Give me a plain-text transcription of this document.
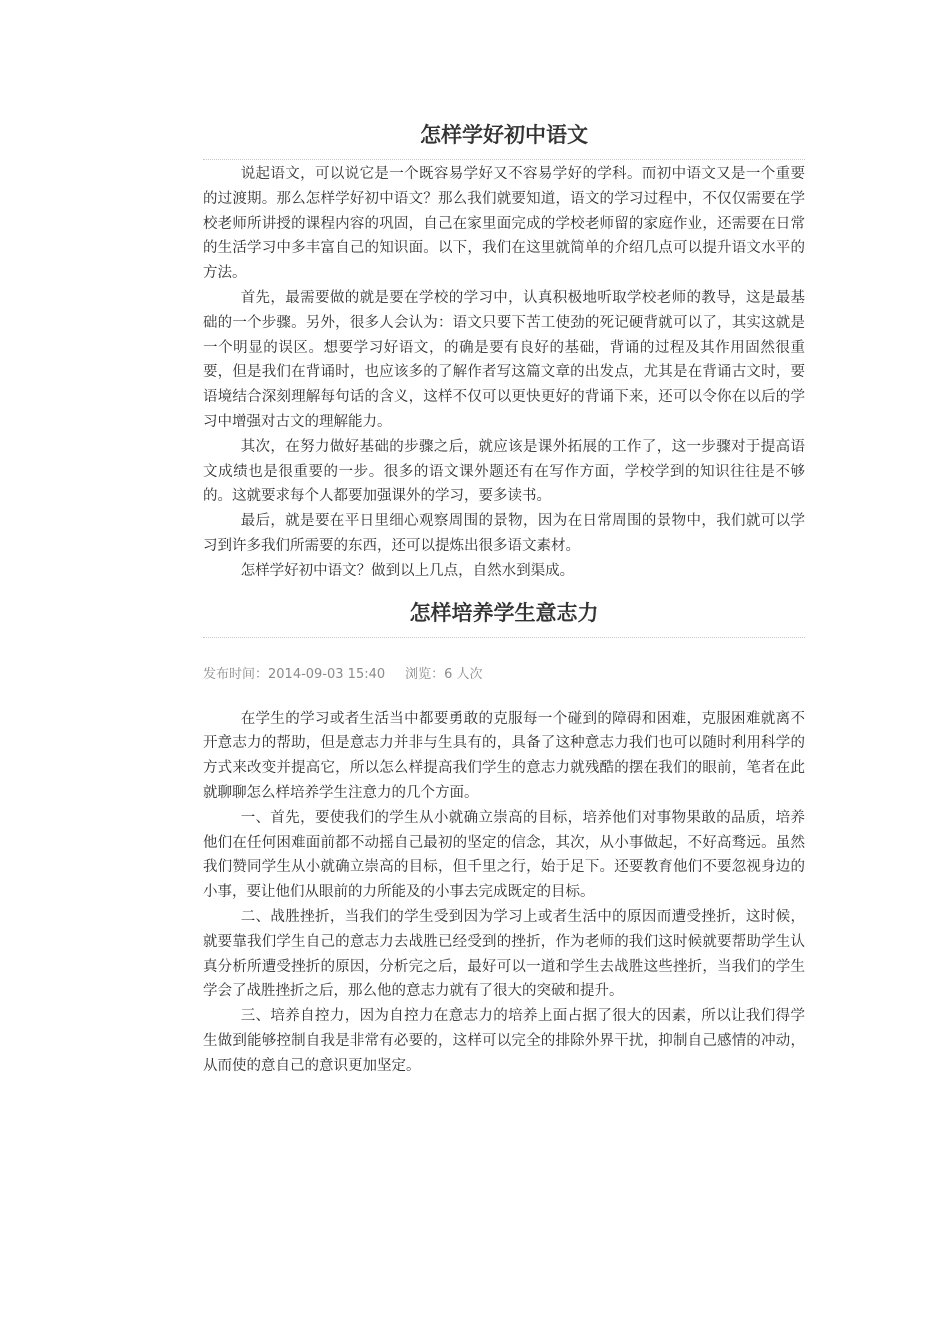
怎样学好初中语文

说起语文，可以说它是一个既容易学好又不容易学好的学科。而初中语文又是一个重要的过渡期。那么怎样学好初中语文？那么我们就要知道，语文的学习过程中，不仅仅需要在学校老师所讲授的课程内容的巩固，自己在家里面完成的学校老师留的家庭作业，还需要在日常的生活学习中多丰富自己的知识面。以下，我们在这里就简单的介绍几点可以提升语文水平的方法。

首先，最需要做的就是要在学校的学习中，认真积极地听取学校老师的教导，这是最基础的一个步骤。另外，很多人会认为：语文只要下苦工使劲的死记硬背就可以了，其实这就是一个明显的误区。想要学习好语文，的确是要有良好的基础，背诵的过程及其作用固然很重要，但是我们在背诵时，也应该多的了解作者写这篇文章的出发点，尤其是在背诵古文时，要语境结合深刻理解每句话的含义，这样不仅可以更快更好的背诵下来，还可以令你在以后的学习中增强对古文的理解能力。

其次，在努力做好基础的步骤之后，就应该是课外拓展的工作了，这一步骤对于提高语文成绩也是很重要的一步。很多的语文课外题还有在写作方面，学校学到的知识往往是不够的。这就要求每个人都要加强课外的学习，要多读书。

最后，就是要在平日里细心观察周围的景物，因为在日常周围的景物中，我们就可以学习到许多我们所需要的东西，还可以提炼出很多语文素材。

怎样学好初中语文？做到以上几点，自然水到渠成。

怎样培养学生意志力
发布时间：2014-09-03 15:40 浏览：6 人次

在学生的学习或者生活当中都要勇敢的克服每一个碰到的障碍和困难，克服困难就离不开意志力的帮助，但是意志力并非与生具有的，具备了这种意志力我们也可以随时利用科学的方式来改变并提高它，所以怎么样提高我们学生的意志力就残酷的摆在我们的眼前，笔者在此就聊聊怎么样培养学生注意力的几个方面。

一、首先，要使我们的学生从小就确立崇高的目标，培养他们对事物果敢的品质，培养他们在任何困难面前都不动摇自己最初的坚定的信念，其次，从小事做起，不好高骛远。虽然我们赞同学生从小就确立崇高的目标，但千里之行，始于足下。还要教育他们不要忽视身边的小事，要让他们从眼前的力所能及的小事去完成既定的目标。

二、战胜挫折，当我们的学生受到因为学习上或者生活中的原因而遭受挫折，这时候，就要靠我们学生自己的意志力去战胜已经受到的挫折，作为老师的我们这时候就要帮助学生认真分析所遭受挫折的原因，分析完之后，最好可以一道和学生去战胜这些挫折，当我们的学生学会了战胜挫折之后，那么他的意志力就有了很大的突破和提升。

三、培养自控力，因为自控力在意志力的培养上面占据了很大的因素，所以让我们得学生做到能够控制自我是非常有必要的，这样可以完全的排除外界干扰，抑制自己感情的冲动，从而使的意自己的意识更加坚定。
